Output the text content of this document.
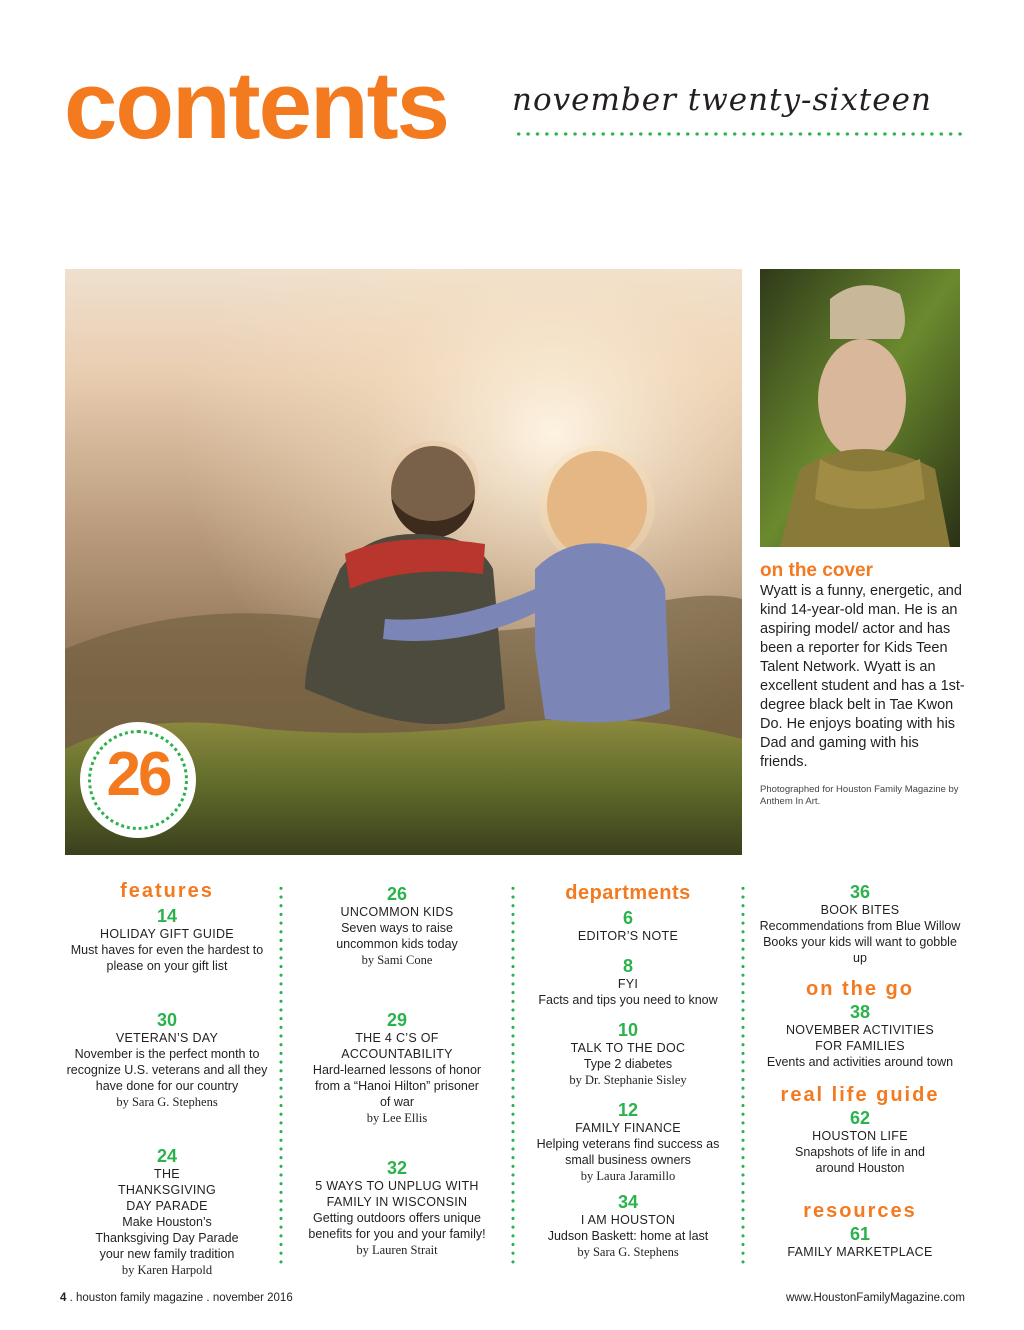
contents november twenty-sixteen
26
on the cover
Wyatt is a funny, energetic, and kind 14-year-old man. He is an aspiring model/ actor and has been a reporter for Kids Teen Talent Network. Wyatt is an excellent student and has a 1st-degree black belt in Tae Kwon Do. He enjoys boating with his Dad and gaming with his friends.
Photographed for Houston Family Magazine by Anthem In Art.
features
14
HOLIDAY GIFT GUIDE
Must haves for even the hardest to please on your gift list
30
VETERAN’S DAY
November is the perfect month to recognize U.S. veterans and all they have done for our country
by Sara G. Stephens
24
THE THANKSGIVING DAY PARADE
Make Houston’s Thanksgiving Day Parade your new family tradition
by Karen Harpold
26
UNCOMMON KIDS
Seven ways to raise uncommon kids today
by Sami Cone
29
THE 4 C’S OF ACCOUNTABILITY
Hard-learned lessons of honor from a “Hanoi Hilton” prisoner of war
by Lee Ellis
32
5 WAYS TO UNPLUG WITH FAMILY IN WISCONSIN
Getting outdoors offers unique benefits for you and your family!
by Lauren Strait
departments
6
EDITOR’S NOTE
8
FYI
Facts and tips you need to know
10
TALK TO THE DOC
Type 2 diabetes
by Dr. Stephanie Sisley
12
FAMILY FINANCE
Helping veterans find success as small business owners
by Laura Jaramillo
34
I AM HOUSTON
Judson Baskett: home at last
by Sara G. Stephens
36
BOOK BITES
Recommendations from Blue Willow Books your kids will want to gobble up
on the go
38
NOVEMBER ACTIVITIES FOR FAMILIES
Events and activities around town
real life guide
62
HOUSTON LIFE
Snapshots of life in and around Houston
resources
61
FAMILY MARKETPLACE
4 . houston family magazine . november 2016	www.HoustonFamilyMagazine.com
